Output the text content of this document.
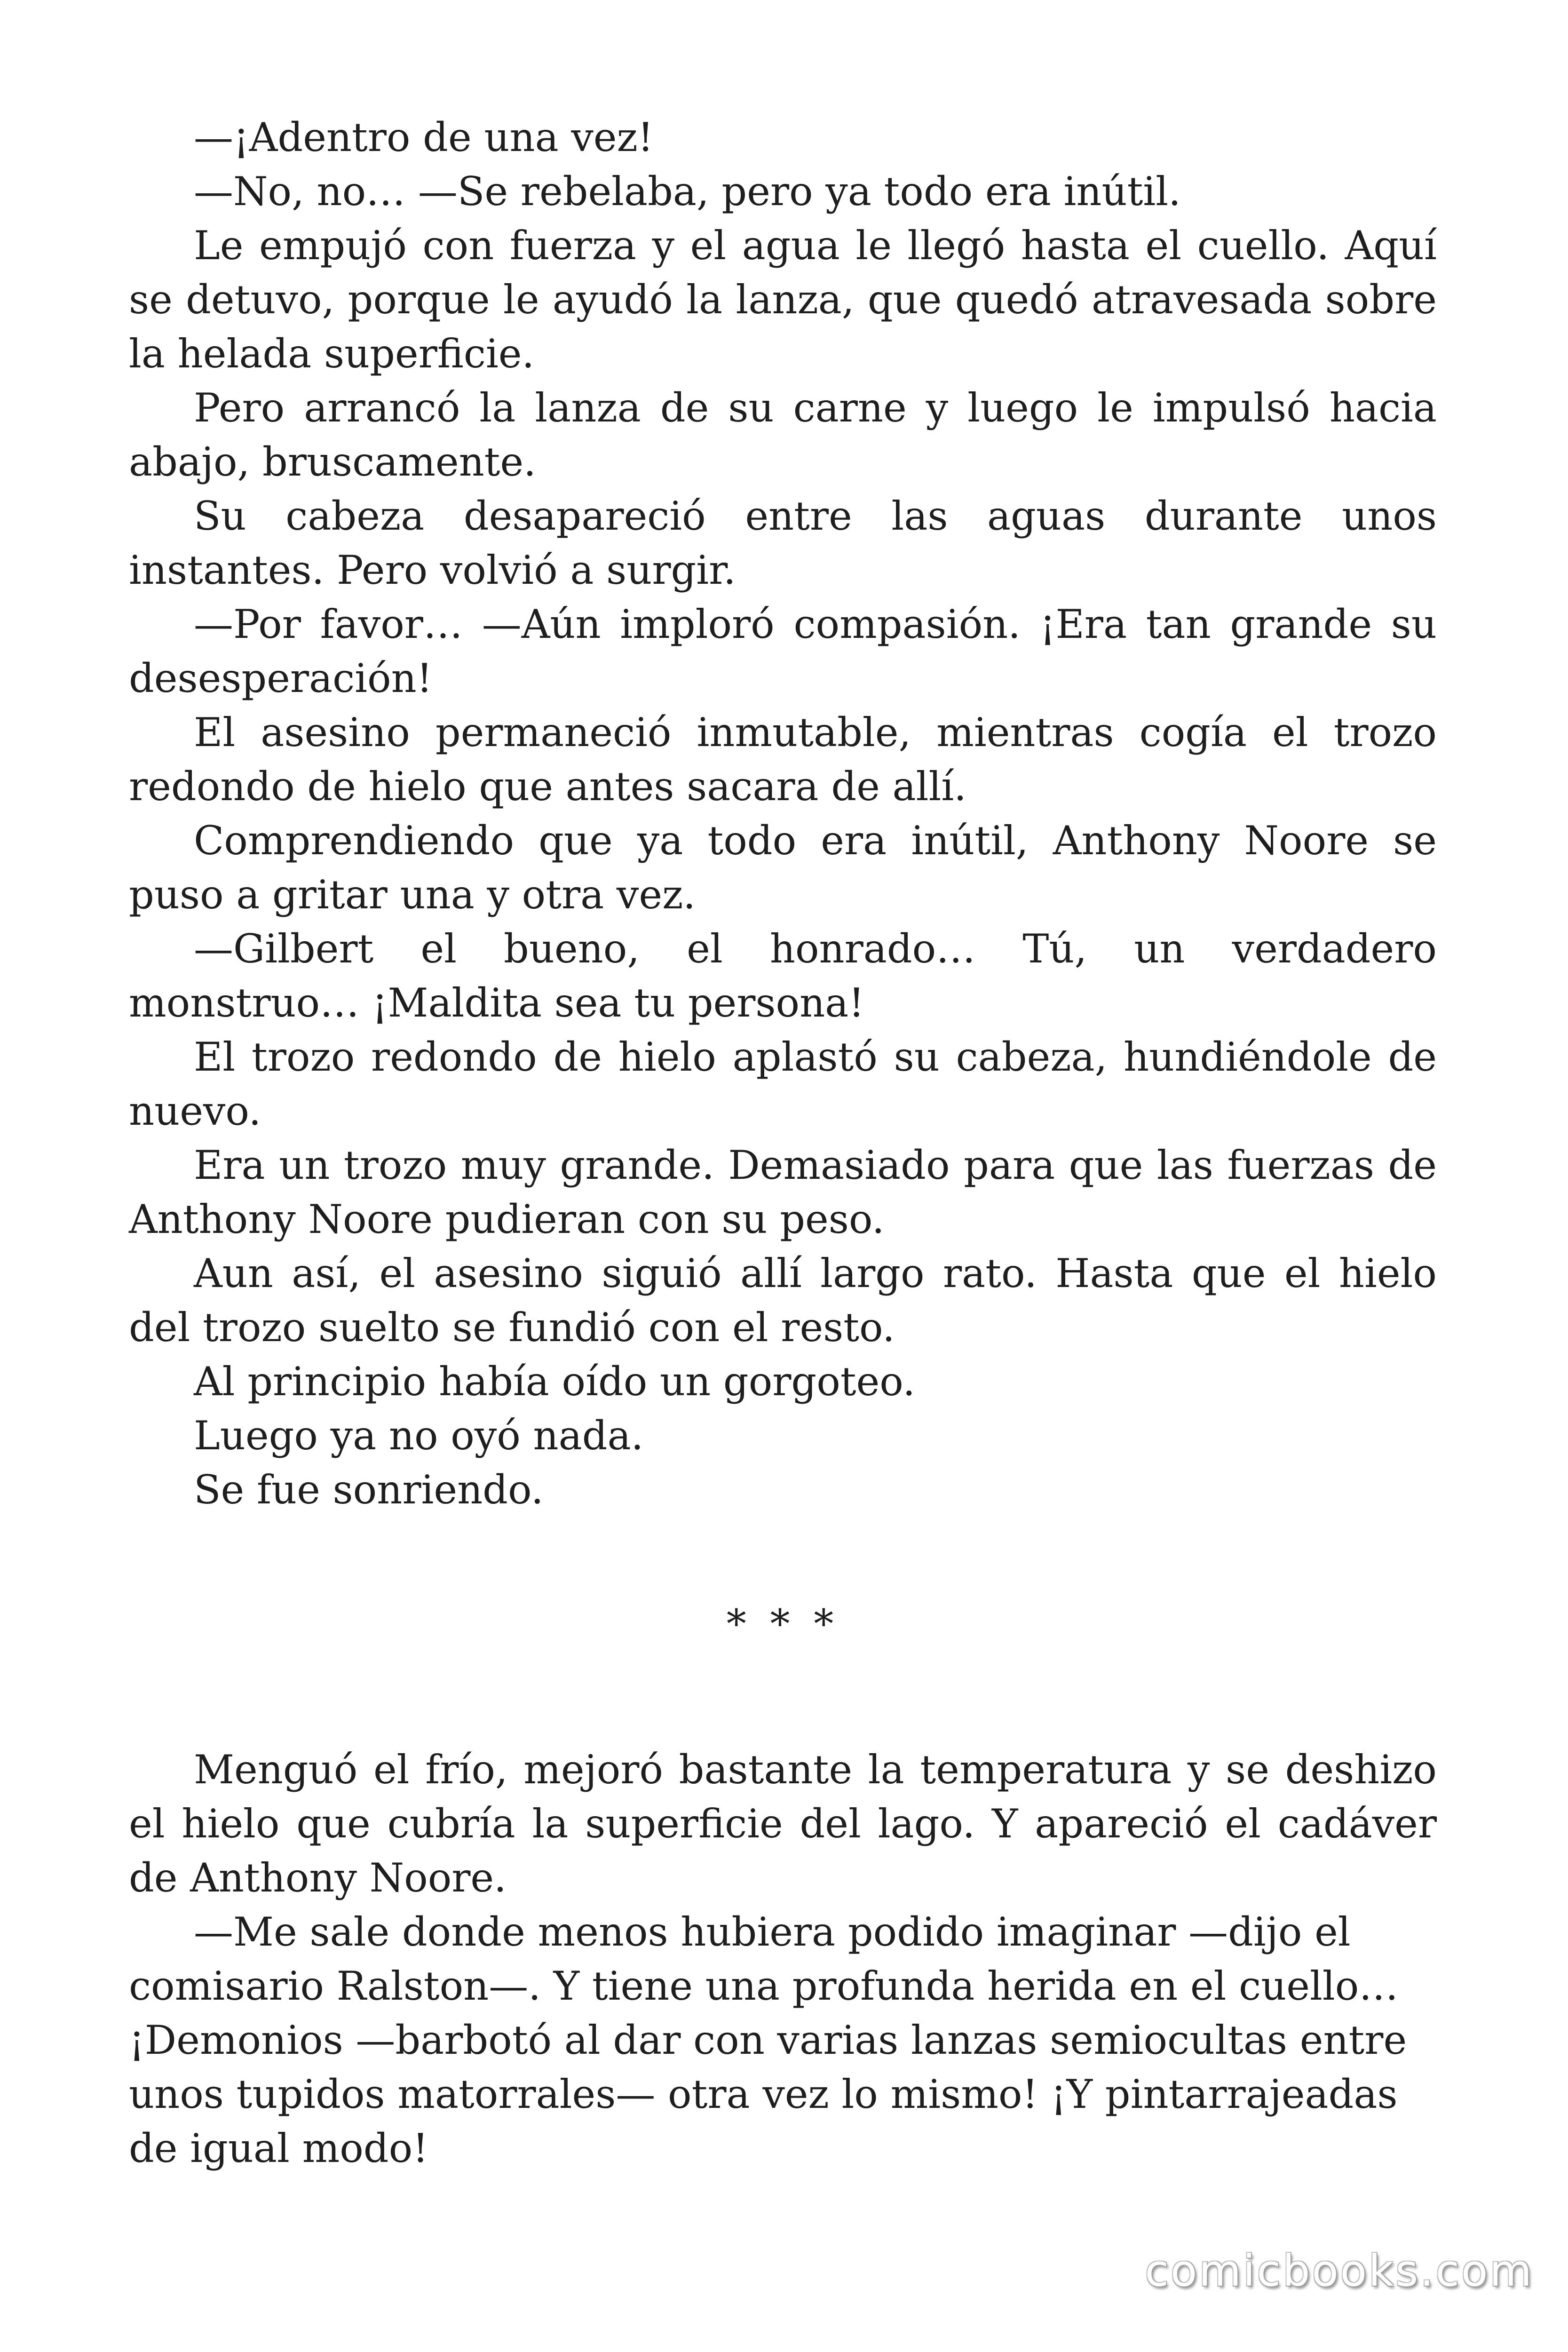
—¡Adentro de una vez!

—No, no… —Se rebelaba, pero ya todo era inútil.

Le empujó con fuerza y el agua le llegó hasta el cuello. Aquí se detuvo, porque le ayudó la lanza, que quedó atravesada sobre la helada superficie.

Pero arrancó la lanza de su carne y luego le impulsó hacia abajo, bruscamente.

Su cabeza desapareció entre las aguas durante unos instantes. Pero volvió a surgir.

—Por favor… —Aún imploró compasión. ¡Era tan grande su desesperación!

El asesino permaneció inmutable, mientras cogía el trozo redondo de hielo que antes sacara de allí.

Comprendiendo que ya todo era inútil, Anthony Noore se puso a gritar una y otra vez.

—Gilbert el bueno, el honrado… Tú, un verdadero monstruo… ¡Maldita sea tu persona!

El trozo redondo de hielo aplastó su cabeza, hundiéndole de nuevo.

Era un trozo muy grande. Demasiado para que las fuerzas de Anthony Noore pudieran con su peso.

Aun así, el asesino siguió allí largo rato. Hasta que el hielo del trozo suelto se fundió con el resto.

Al principio había oído un gorgoteo.

Luego ya no oyó nada.

Se fue sonriendo.

* * *

Menguó el frío, mejoró bastante la temperatura y se deshizo el hielo que cubría la superficie del lago. Y apareció el cadáver de Anthony Noore.

—Me sale donde menos hubiera podido imaginar —dijo el comisario Ralston—. Y tiene una profunda herida en el cuello… ¡Demonios —barbotó al dar con varias lanzas semiocultas entre unos tupidos matorrales— otra vez lo mismo! ¡Y pintarrajeadas de igual modo!

comicbooks.com
